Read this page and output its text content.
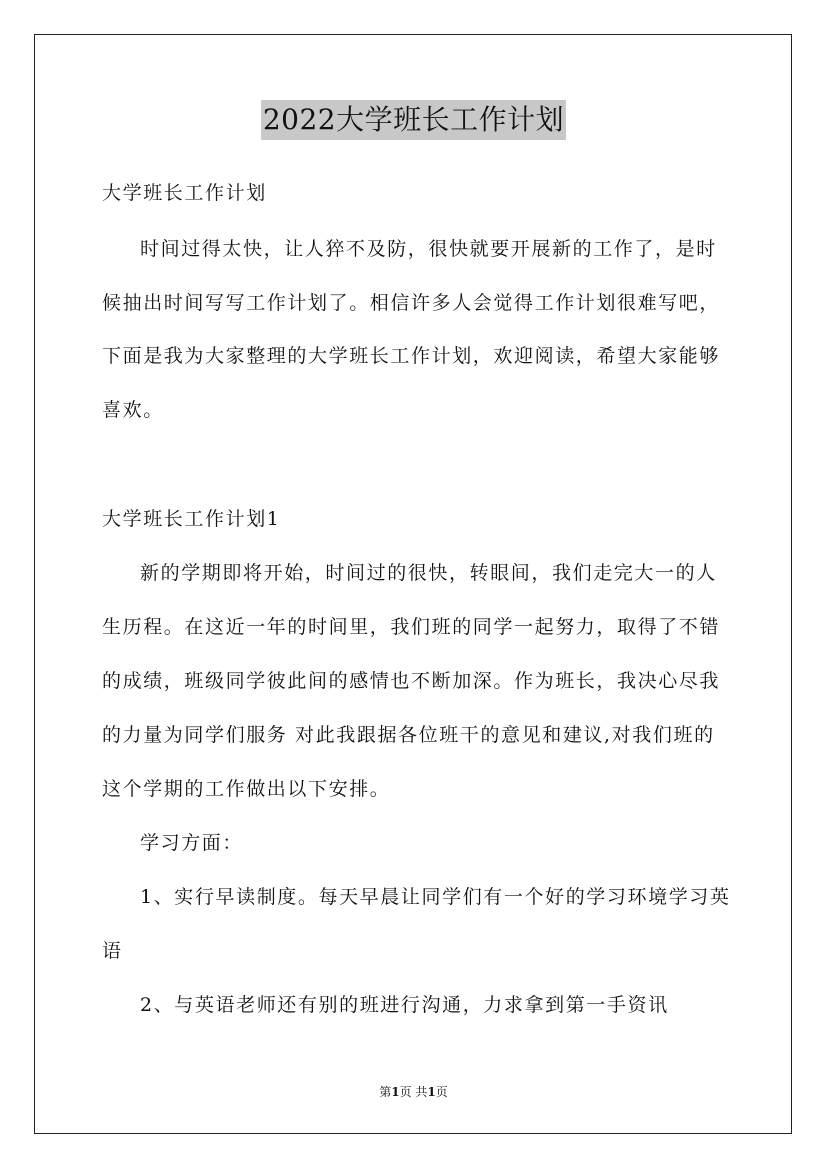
2022大学班长工作计划
大学班长工作计划
时间过得太快，让人猝不及防，很快就要开展新的工作了，是时
候抽出时间写写工作计划了。相信许多人会觉得工作计划很难写吧，
下面是我为大家整理的大学班长工作计划，欢迎阅读，希望大家能够
喜欢。
大学班长工作计划1
新的学期即将开始，时间过的很快，转眼间，我们走完大一的人
生历程。在这近一年的时间里，我们班的同学一起努力，取得了不错
的成绩，班级同学彼此间的感情也不断加深。作为班长，我决心尽我
的力量为同学们服务 对此我跟据各位班干的意见和建议,对我们班的
这个学期的工作做出以下安排。
学习方面：
1、实行早读制度。每天早晨让同学们有一个好的学习环境学习英
语
2、与英语老师还有别的班进行沟通，力求拿到第一手资讯
第1页 共1页
